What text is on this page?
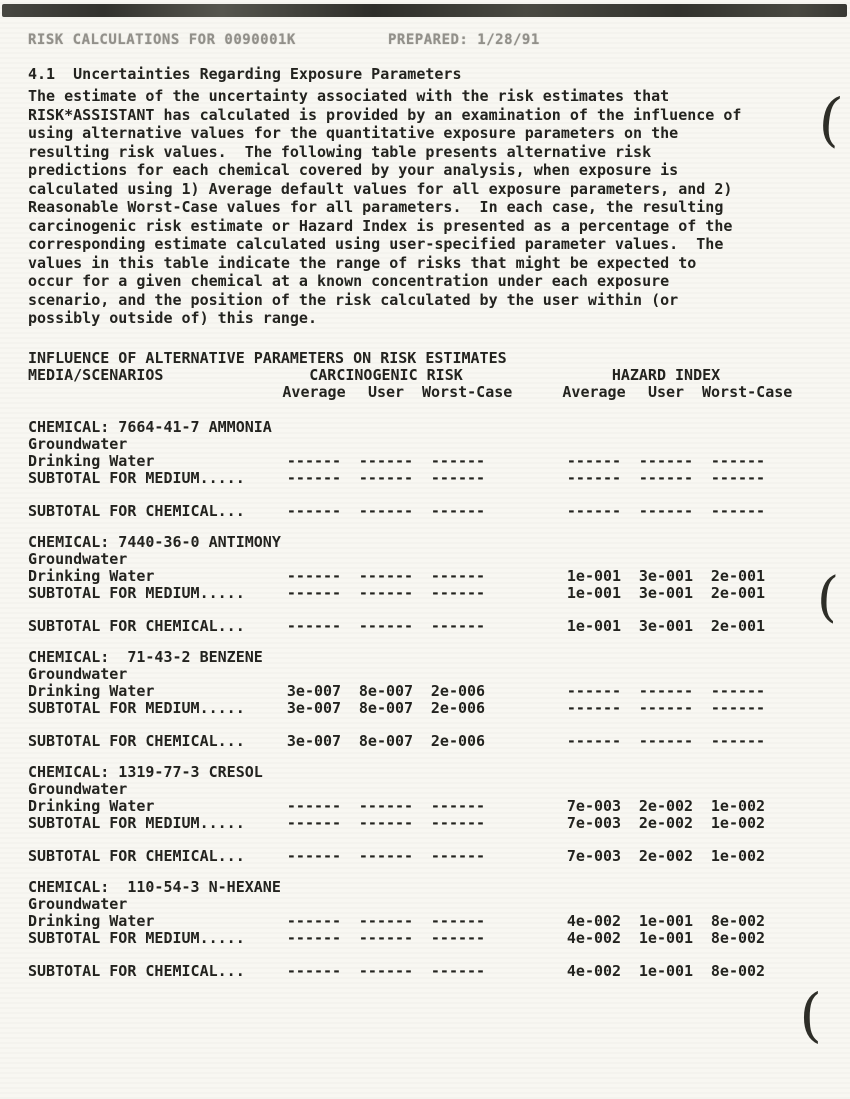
(
(
(
RISK CALCULATIONS FOR 0090001K	PREPARED: 1/28/91
4.1  Uncertainties Regarding Exposure Parameters
The estimate of the uncertainty associated with the risk estimates that
RISK*ASSISTANT has calculated is provided by an examination of the influence of
using alternative values for the quantitative exposure parameters on the
resulting risk values.  The following table presents alternative risk
predictions for each chemical covered by your analysis, when exposure is
calculated using 1) Average default values for all exposure parameters, and 2)
Reasonable Worst-Case values for all parameters.  In each case, the resulting
carcinogenic risk estimate or Hazard Index is presented as a percentage of the
corresponding estimate calculated using user-specified parameter values.  The
values in this table indicate the range of risks that might be expected to
occur for a given chemical at a known concentration under each exposure
scenario, and the position of the risk calculated by the user within (or
possibly outside of) this range.
INFLUENCE OF ALTERNATIVE PARAMETERS ON RISK ESTIMATES
MEDIA/SCENARIOS	CARCINOGENIC RISK	HAZARD INDEX
Average	User	Worst-Case	Average	User	Worst-Case
CHEMICAL: 7664-41-7 AMMONIA
Groundwater
Drinking Water	------	------	------	------	------	------
SUBTOTAL FOR MEDIUM.....	------	------	------	------	------	------
SUBTOTAL FOR CHEMICAL...	------	------	------	------	------	------
CHEMICAL: 7440-36-0 ANTIMONY
Groundwater
Drinking Water	------	------	------	1e-001	3e-001	2e-001
SUBTOTAL FOR MEDIUM.....	------	------	------	1e-001	3e-001	2e-001
SUBTOTAL FOR CHEMICAL...	------	------	------	1e-001	3e-001	2e-001
CHEMICAL:  71-43-2 BENZENE
Groundwater
Drinking Water	3e-007	8e-007	2e-006	------	------	------
SUBTOTAL FOR MEDIUM.....	3e-007	8e-007	2e-006	------	------	------
SUBTOTAL FOR CHEMICAL...	3e-007	8e-007	2e-006	------	------	------
CHEMICAL: 1319-77-3 CRESOL
Groundwater
Drinking Water	------	------	------	7e-003	2e-002	1e-002
SUBTOTAL FOR MEDIUM.....	------	------	------	7e-003	2e-002	1e-002
SUBTOTAL FOR CHEMICAL...	------	------	------	7e-003	2e-002	1e-002
CHEMICAL:  110-54-3 N-HEXANE
Groundwater
Drinking Water	------	------	------	4e-002	1e-001	8e-002
SUBTOTAL FOR MEDIUM.....	------	------	------	4e-002	1e-001	8e-002
SUBTOTAL FOR CHEMICAL...	------	------	------	4e-002	1e-001	8e-002
